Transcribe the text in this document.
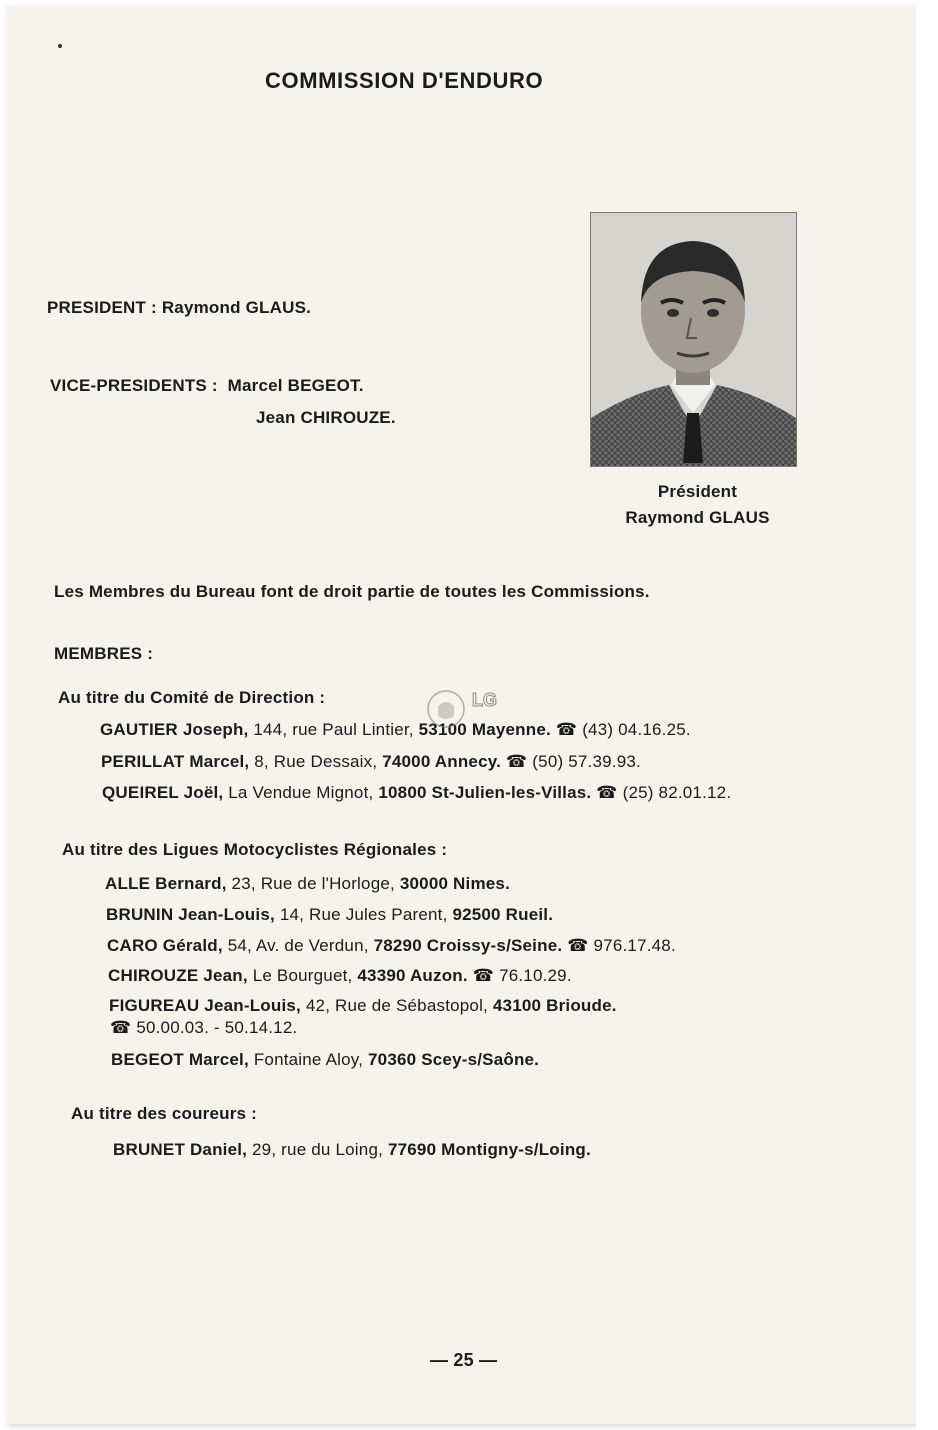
COMMISSION D'ENDURO
PRESIDENT : Raymond GLAUS.
VICE-PRESIDENTS : Marcel BEGEOT.
Jean CHIROUZE.
Président
Raymond GLAUS
Les Membres du Bureau font de droit partie de toutes les Commissions.
MEMBRES :
Au titre du Comité de Direction :
GAUTIER Joseph, 144, rue Paul Lintier, 53100 Mayenne. ☎ (43) 04.16.25.
PERILLAT Marcel, 8, Rue Dessaix, 74000 Annecy. ☎ (50) 57.39.93.
QUEIREL Joël, La Vendue Mignot, 10800 St-Julien-les-Villas. ☎ (25) 82.01.12.
Au titre des Ligues Motocyclistes Régionales :
ALLE Bernard, 23, Rue de l'Horloge, 30000 Nimes.
BRUNIN Jean-Louis, 14, Rue Jules Parent, 92500 Rueil.
CARO Gérald, 54, Av. de Verdun, 78290 Croissy-s/Seine. ☎ 976.17.48.
CHIROUZE Jean, Le Bourguet, 43390 Auzon. ☎ 76.10.29.
FIGUREAU Jean-Louis, 42, Rue de Sébastopol, 43100 Brioude.
☎ 50.00.03. - 50.14.12.
BEGEOT Marcel, Fontaine Aloy, 70360 Scey-s/Saône.
Au titre des coureurs :
BRUNET Daniel, 29, rue du Loing, 77690 Montigny-s/Loing.
LG
— 25 —
